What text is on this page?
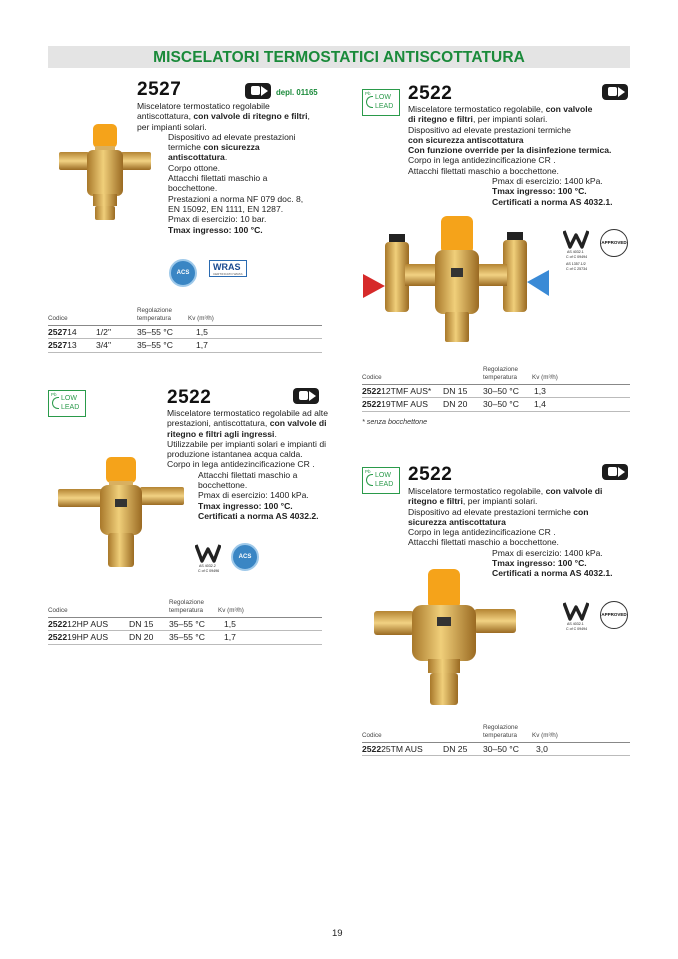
MISCELATORI TERMOSTATICI ANTISCOTTATURA
2527	depl. 01165
Miscelatore termostatico regolabile
antiscottatura, con valvole di ritegno e filtri,
per impianti solari.
Dispositivo ad elevate prestazioni
termiche con sicurezza
antiscottatura.
Corpo ottone.
Attacchi filettati maschio a
bocchettone.
Prestazioni a norma NF 079 doc. 8,
EN 15092, EN 1111, EN 1287.
Pmax di esercizio: 10 bar.
Tmax ingresso: 100 °C.
ACS
WRAS
CERTIFICATO WRAS
Codice
Regolazione
temperatura	Kv (m³/h)
252714 1/2"	35–55 °C	1,5
252713 3/4"	35–55 °C	1,7
Pb
LOW
LEAD
2522
Miscelatore termostatico regolabile, con valvole
di ritegno e filtri, per impianti solari.
Dispositivo ad elevate prestazioni termiche
con sicurezza antiscottatura
Con funzione override per la disinfezione termica.
Corpo in lega antidezincificazione CR .
Attacchi filettati maschio a bocchettone.
Pmax di esercizio: 1400 kPa.
Tmax ingresso: 100 °C.
Certificati a norma AS 4032.1.
AS 4032.1
C of C 09494
AS 1357.1/2
C of C 25734
APPROVED
Codice
Regolazione
temperatura Kv (m³/h)
252212TMF AUS* DN 15 30–50 °C 1,3
252219TMF AUS DN 20 30–50 °C 1,4
* senza bocchettone
Pb
LOW
LEAD	2522
Miscelatore termostatico regolabile ad alte
prestazioni, antiscottatura, con valvole di
ritegno e filtri agli ingressi.
Utilizzabile per impianti solari e impianti di
produzione istantanea acqua calda.
Corpo in lega antidezincificazione CR .
Attacchi filettati maschio a
bocchettone.
Pmax di esercizio: 1400 kPa.
Tmax ingresso: 100 °C.
Certificati a norma AS 4032.2.
AS 4032.2
C of C 09496
ACS
Codice
Regolazione
temperatura Kv (m³/h)
252212HP AUS DN 15 35–55 °C 1,5
252219HP AUS DN 20 35–55 °C 1,7
Pb
LOW
LEAD 2522
Miscelatore termostatico regolabile, con valvole di
ritegno e filtri, per impianti solari.
Dispositivo ad elevate prestazioni termiche con
sicurezza antiscottatura
Corpo in lega antidezincificazione CR .
Attacchi filettati maschio a bocchettone.
Pmax di esercizio: 1400 kPa.
Tmax ingresso: 100 °C.
Certificati a norma AS 4032.1.
AS 4032.1
C of C 09494
APPROVED
Codice
Regolazione
temperatura Kv (m³/h)
252225TM AUS DN 25 30–50 °C 3,0
19
